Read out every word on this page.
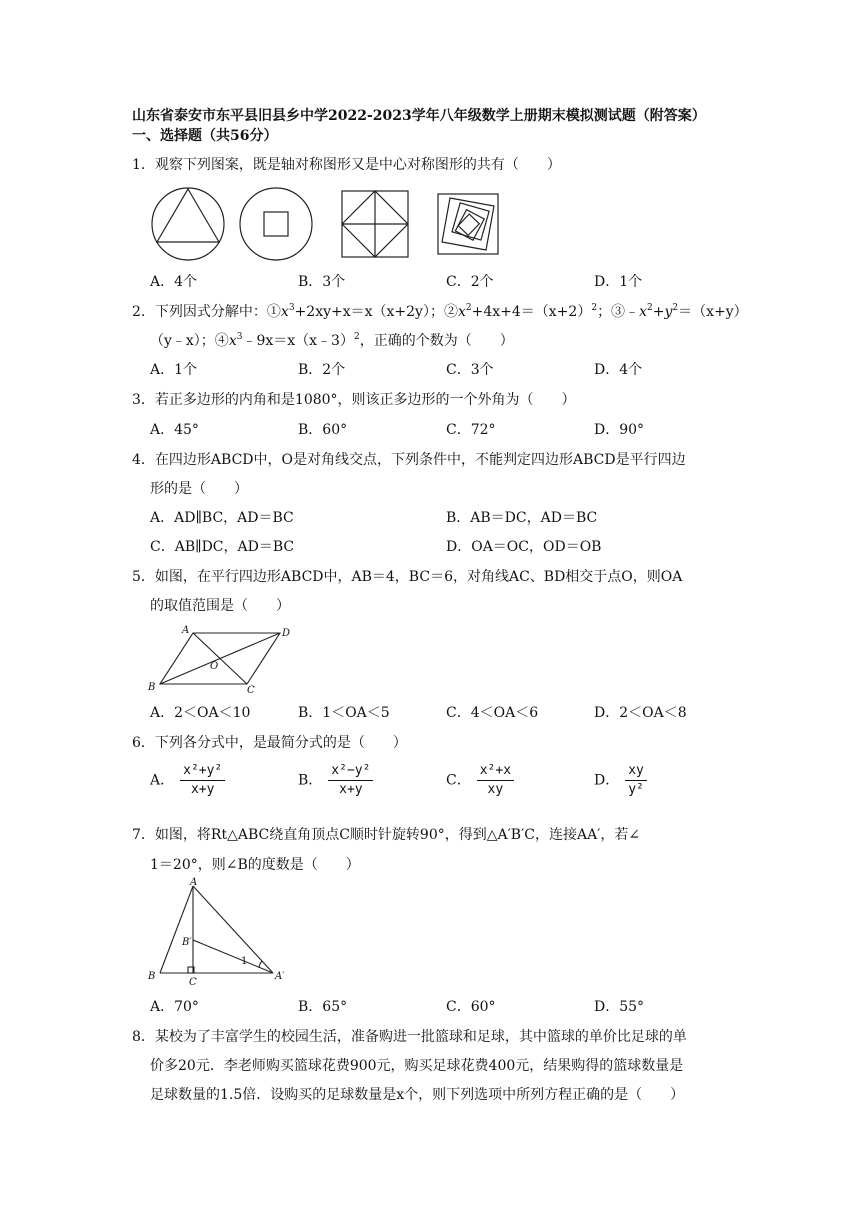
山东省泰安市东平县旧县乡中学2022-2023学年八年级数学上册期末模拟测试题（附答案）
一、选择题（共56分）
1．观察下列图案，既是轴对称图形又是中心对称图形的共有（　　）
A．4个	B．3个	C．2个	D．1个
2．下列因式分解中：$①x^3+2xy+x=x(x+2y)$；$②x^2+4x+4=(x+2)^2$；$③﹣x^2+y^2=(x+y)$
（y﹣x）；$④x^3﹣9x=x(x﹣3)^2$，正确的个数为（　　）
A．1个	B．2个	C．3个	D．4个
3．若正多边形的内角和是1080°，则该正多边形的一个外角为（　　）
A．45°	B．60°	C．72°	D．90°
4．在四边形ABCD中，O是对角线交点，下列条件中，不能判定四边形ABCD是平行四边
形的是（　　）
A．AD∥BC，AD＝BC	B．AB＝DC，AD＝BC
C．AB∥DC，AD＝BC	D．OA＝OC，OD＝OB
5．如图，在平行四边形ABCD中，AB＝4，BC＝6，对角线AC、BD相交于点O，则OA
的取值范围是（　　）
A	D
O
B	C
A．2＜OA＜10	B．1＜OA＜5	C．4＜OA＜6	D．2＜OA＜8
6．下列各分式中，是最简分式的是（　　）
A． $\frac{\text{x²+y²}}{x+y}$	B． $\frac{\text{x²−y²}}{x+y}$	C． $\frac{\text{x²+x}}{xy}$	D． $\frac{xy}{\text{y²}}$
7．如图，将Rt△ABC绕直角顶点C顺时针旋转90°，得到△A′B′C，连接AA′，若∠
1＝20°，则∠B的度数是（　　）
A
B′
1
B
C
A′
A．70°	B．65°	C．60°	D．55°
8．某校为了丰富学生的校园生活，准备购进一批篮球和足球，其中篮球的单价比足球的单
价多20元．李老师购买篮球花费900元，购买足球花费400元，结果购得的篮球数量是
足球数量的1.5倍．设购买的足球数量是x个，则下列选项中所列方程正确的是（　　）
